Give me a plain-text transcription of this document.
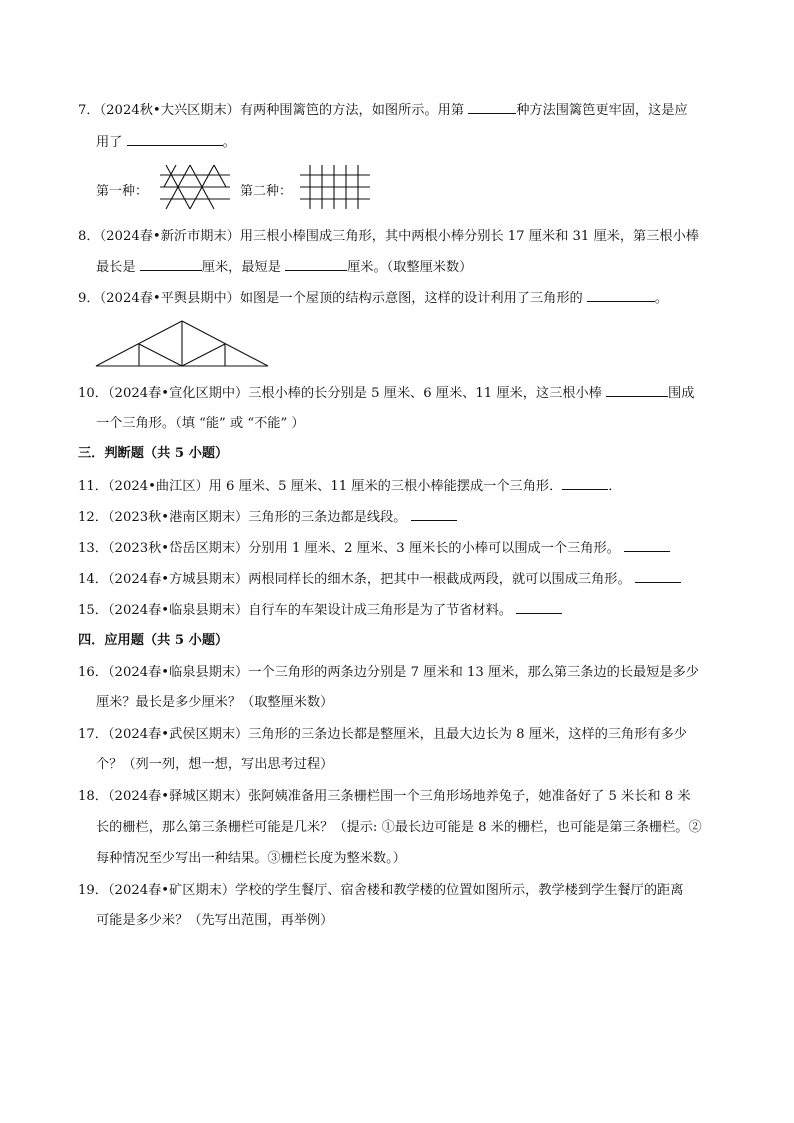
7．（2024秋•大兴区期末）有两种围篱笆的方法，如图所示。用第	种方法围篱笆更牢固，这是应
用了	。
第一种：	第二种：
8．（2024春•新沂市期末）用三根小棒围成三角形，其中两根小棒分别长 17 厘米和 31 厘米，第三根小棒
最长是	厘米，最短是	厘米。（取整厘米数）
9．（2024春•平舆县期中）如图是一个屋顶的结构示意图，这样的设计利用了三角形的	。
10．（2024春•宣化区期中）三根小棒的长分别是 5 厘米、6 厘米、11 厘米，这三根小棒	围成
一个三角形。（填 “能” 或 “不能” ）
三．判断题（共 5 小题）
11．（2024•曲江区）用 6 厘米、5 厘米、11 厘米的三根小棒能摆成一个三角形．	．
12．（2023秋•港南区期末）三角形的三条边都是线段。
13．（2023秋•岱岳区期末）分别用 1 厘米、2 厘米、3 厘米长的小棒可以围成一个三角形。
14．（2024春•方城县期末）两根同样长的细木条，把其中一根截成两段，就可以围成三角形。
15．（2024春•临泉县期末）自行车的车架设计成三角形是为了节省材料。
四．应用题（共 5 小题）
16．（2024春•临泉县期末）一个三角形的两条边分别是 7 厘米和 13 厘米，那么第三条边的长最短是多少
厘米？最长是多少厘米？（取整厘米数）
17．（2024春•武侯区期末）三角形的三条边长都是整厘米，且最大边长为 8 厘米，这样的三角形有多少
个？（列一列，想一想，写出思考过程）
18．（2024春•驿城区期末）张阿姨准备用三条栅栏围一个三角形场地养兔子，她准备好了 5 米长和 8 米
长的栅栏，那么第三条栅栏可能是几米？（提示: ①最长边可能是 8 米的栅栏，也可能是第三条栅栏。②
每种情况至少写出一种结果。③栅栏长度为整米数。）
19．（2024春•矿区期末）学校的学生餐厅、宿舍楼和教学楼的位置如图所示，教学楼到学生餐厅的距离
可能是多少米？（先写出范围，再举例）
